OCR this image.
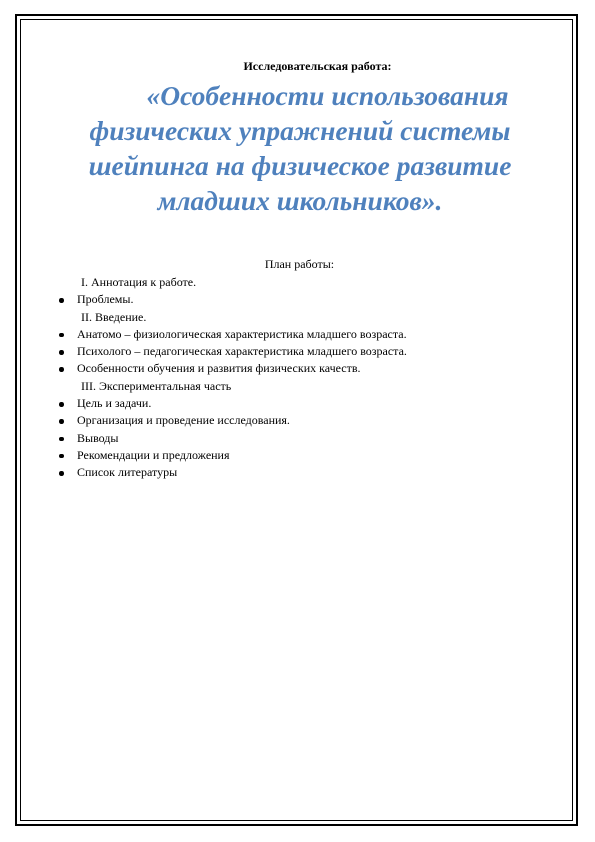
Исследовательская работа:
«Особенности использования физических упражнений системы шейпинга на физическое развитие младших школьников».
План работы:
I. Аннотация к работе.
Проблемы.
II. Введение.
Анатомо – физиологическая характеристика младшего возраста.
Психолого – педагогическая характеристика младшего возраста.
Особенности обучения и развития физических качеств.
III. Экспериментальная часть
Цель и задачи.
Организация и проведение исследования.
Выводы
Рекомендации и предложения
Список литературы
